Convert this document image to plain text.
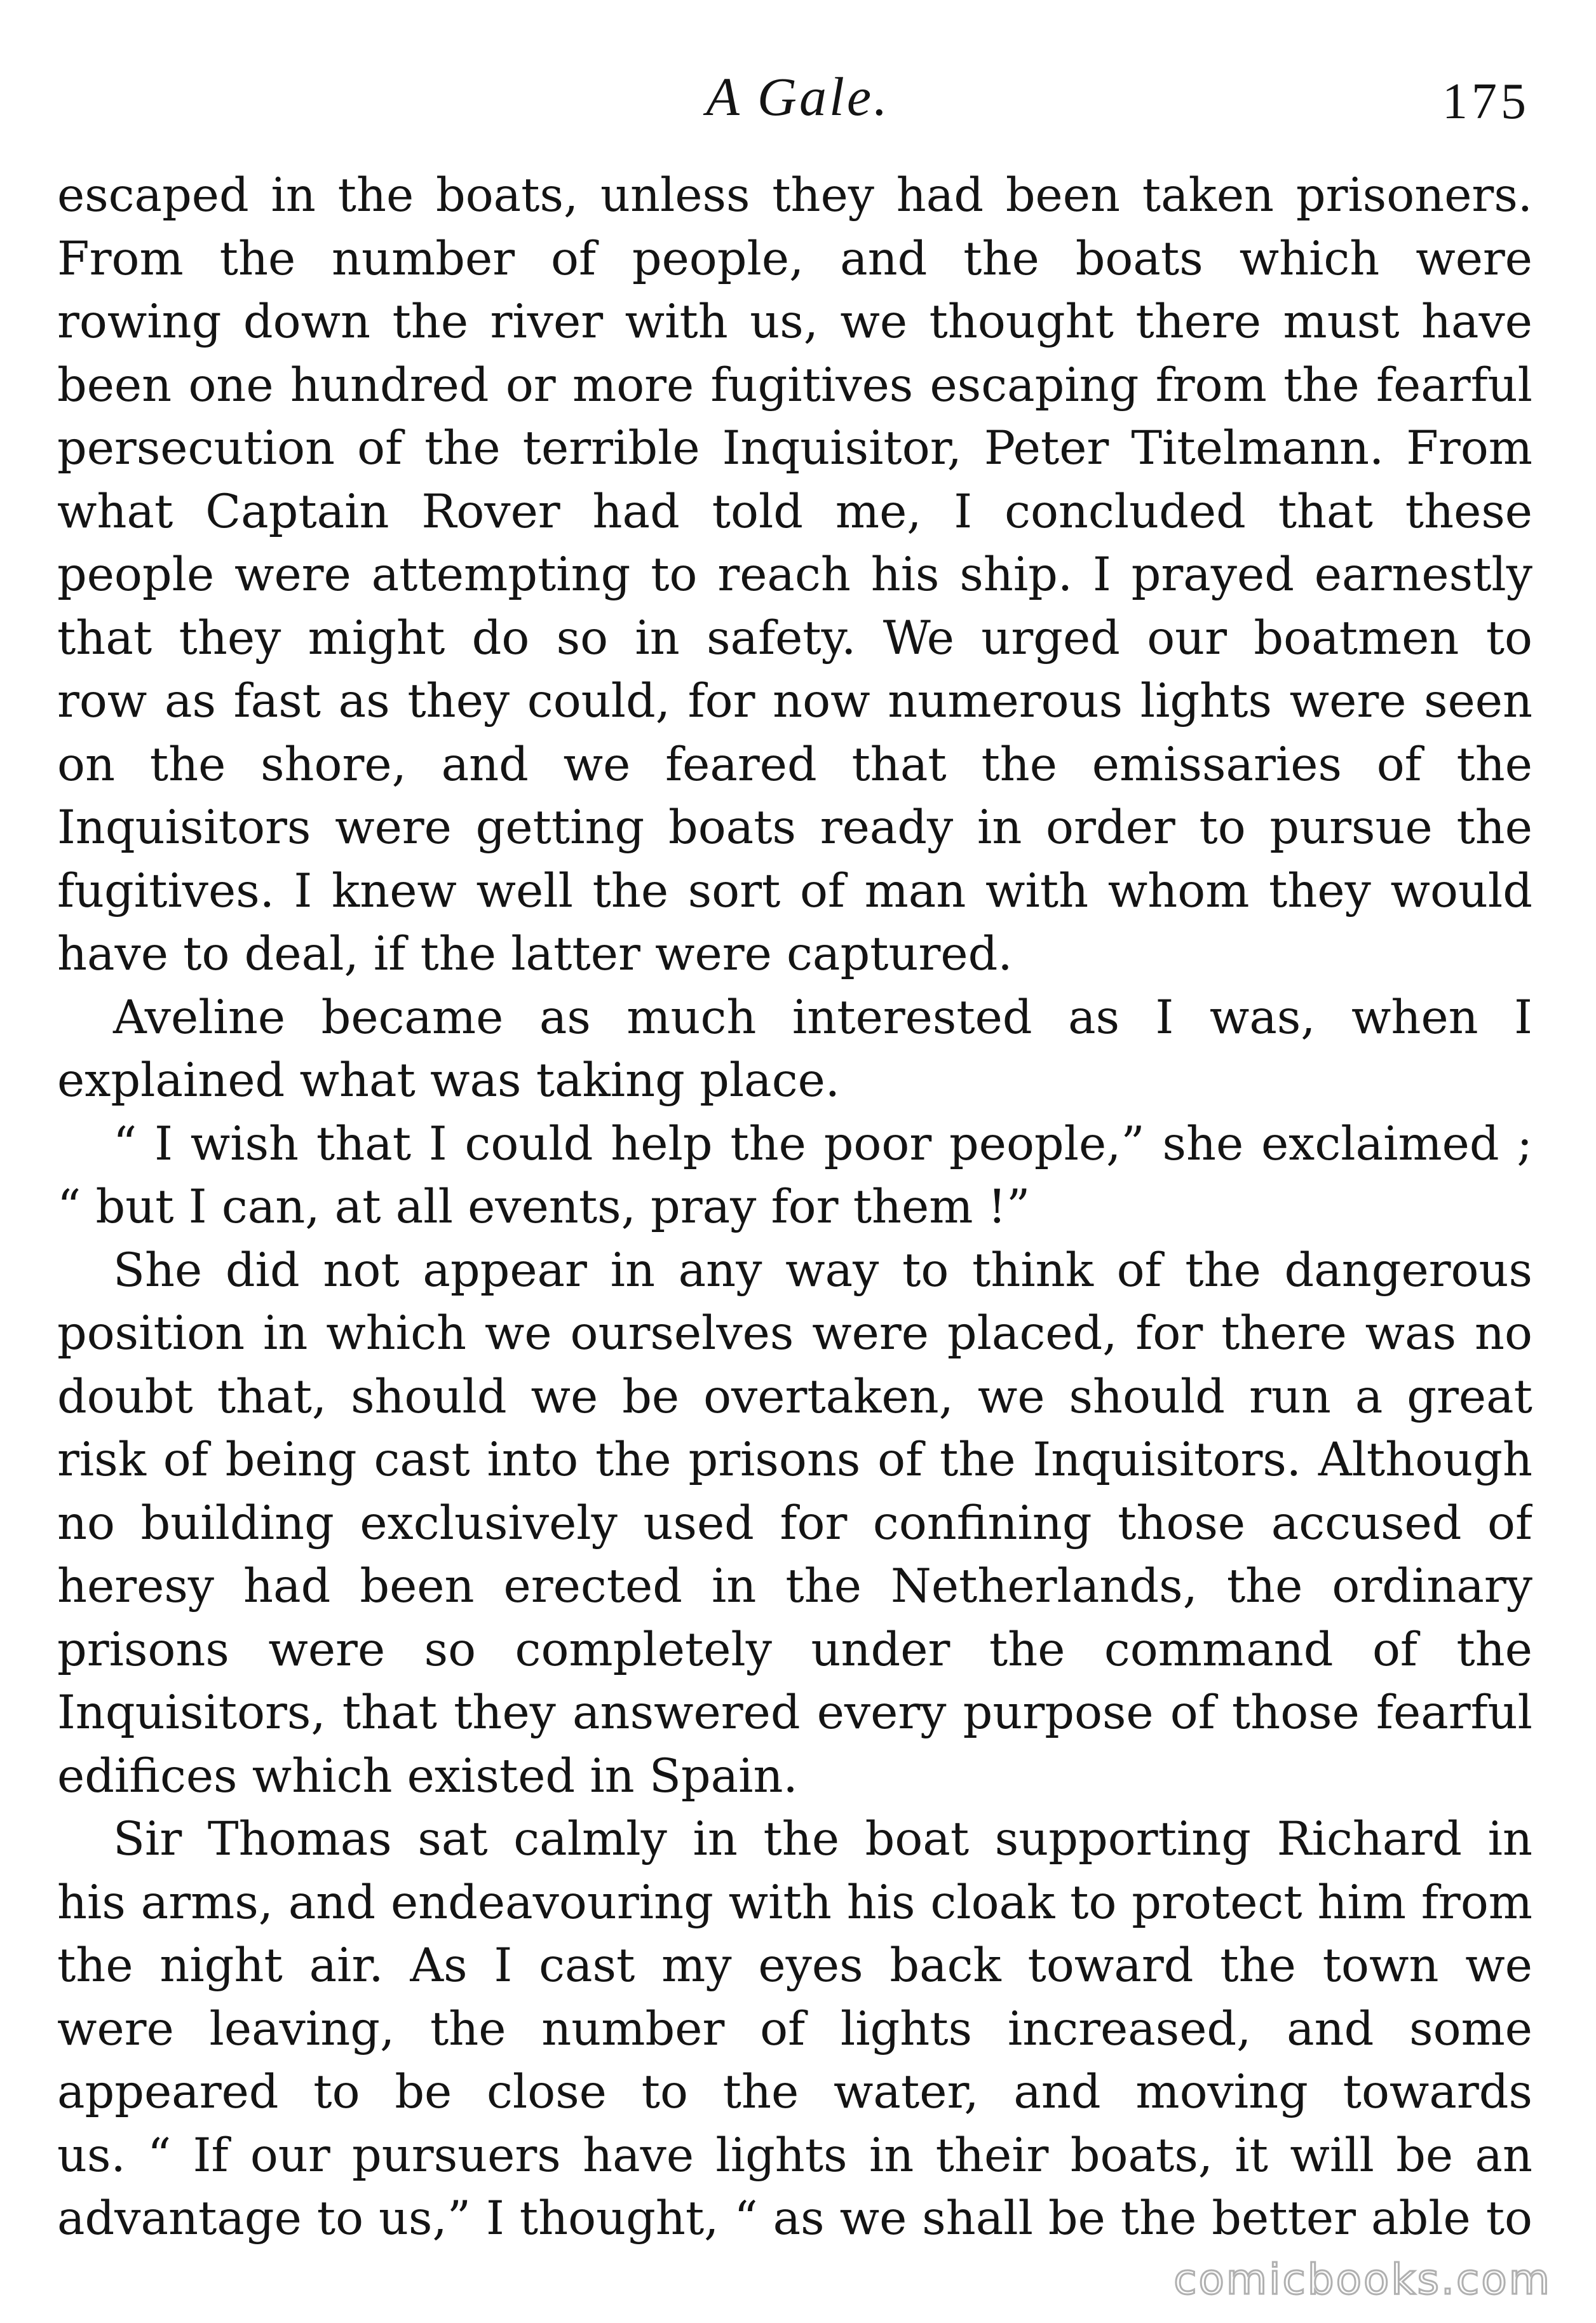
A Gale.	175
escaped in the boats, unless they had been taken prisoners.
From the number of people, and the boats which were
rowing down the river with us, we thought there must have
been one hundred or more fugitives escaping from the fearful
persecution of the terrible Inquisitor, Peter Titelmann. From
what Captain Rover had told me, I concluded that these
people were attempting to reach his ship. I prayed earnestly
that they might do so in safety. We urged our boatmen to
row as fast as they could, for now numerous lights were seen
on the shore, and we feared that the emissaries of the
Inquisitors were getting boats ready in order to pursue the
fugitives. I knew well the sort of man with whom they would
have to deal, if the latter were captured.
Aveline became as much interested as I was, when I
explained what was taking place.
“ I wish that I could help the poor people,” she exclaimed ;
“ but I can, at all events, pray for them !”
She did not appear in any way to think of the dangerous
position in which we ourselves were placed, for there was no
doubt that, should we be overtaken, we should run a great
risk of being cast into the prisons of the Inquisitors. Although
no building exclusively used for confining those accused of
heresy had been erected in the Netherlands, the ordinary
prisons were so completely under the command of the
Inquisitors, that they answered every purpose of those fearful
edifices which existed in Spain.
Sir Thomas sat calmly in the boat supporting Richard in
his arms, and endeavouring with his cloak to protect him from
the night air. As I cast my eyes back toward the town we
were leaving, the number of lights increased, and some
appeared to be close to the water, and moving towards
us. “ If our pursuers have lights in their boats, it will be an
advantage to us,” I thought, “ as we shall be the better able to
comicbooks.com
